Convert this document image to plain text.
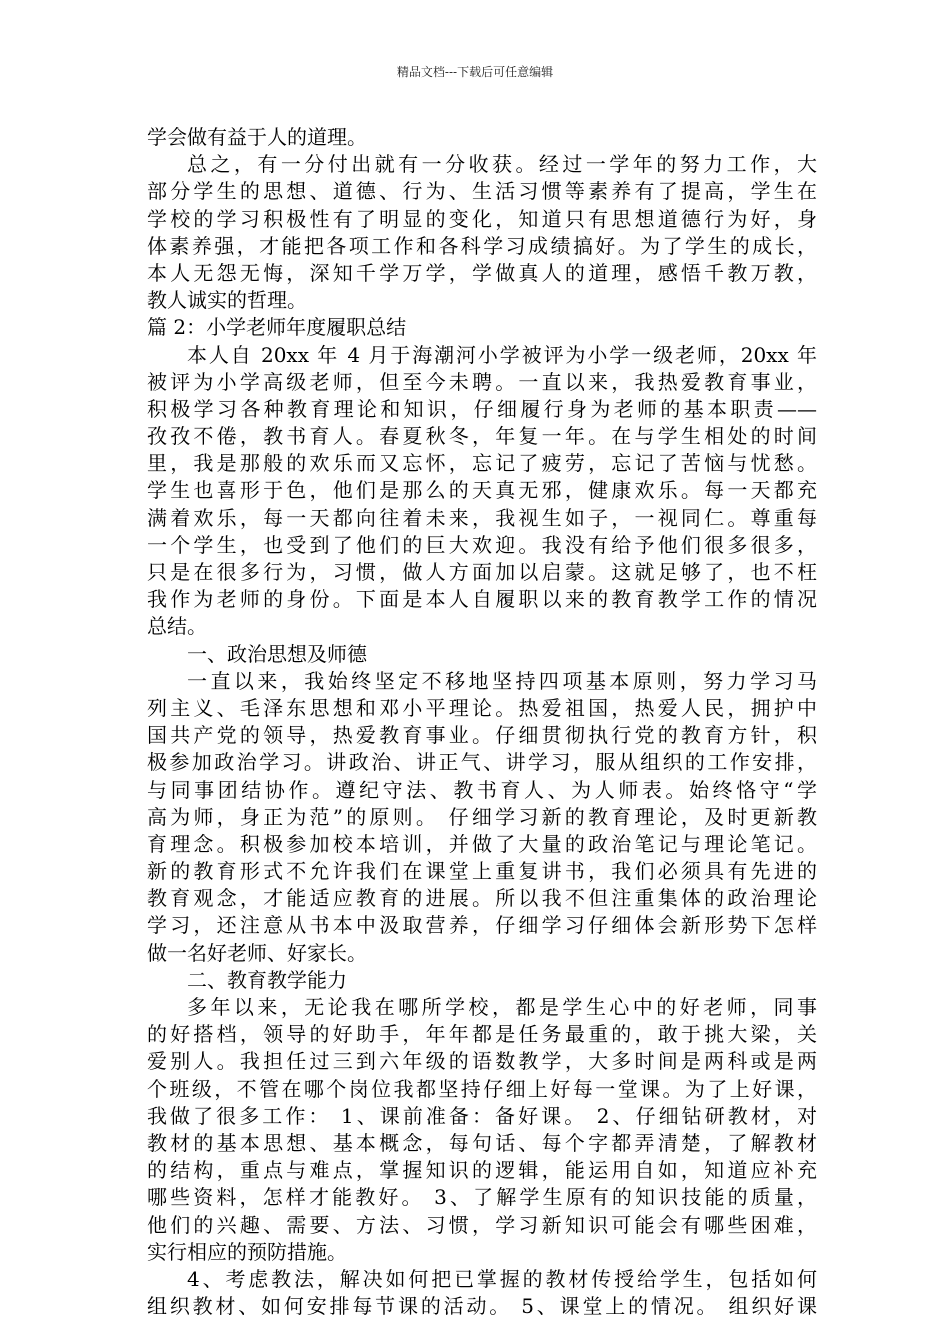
精品文档---下载后可任意编辑
学会做有益于人的道理。
总之，有一分付出就有一分收获。经过一学年的努力工作，大
部分学生的思想、道德、行为、生活习惯等素养有了提高，学生在
学校的学习积极性有了明显的变化，知道只有思想道德行为好，身
体素养强，才能把各项工作和各科学习成绩搞好。为了学生的成长，
本人无怨无悔，深知千学万学，学做真人的道理，感悟千教万教，
教人诚实的哲理。
篇 2：小学老师年度履职总结
本人自 20xx 年 4 月于海潮河小学被评为小学一级老师，20xx 年
被评为小学高级老师，但至今未聘。一直以来，我热爱教育事业，
积极学习各种教育理论和知识，仔细履行身为老师的基本职责——
孜孜不倦，教书育人。春夏秋冬，年复一年。在与学生相处的时间
里，我是那般的欢乐而又忘怀，忘记了疲劳，忘记了苦恼与忧愁。
学生也喜形于色，他们是那么的天真无邪，健康欢乐。每一天都充
满着欢乐，每一天都向往着未来，我视生如子，一视同仁。尊重每
一个学生，也受到了他们的巨大欢迎。我没有给予他们很多很多，
只是在很多行为，习惯，做人方面加以启蒙。这就足够了，也不枉
我作为老师的身份。下面是本人自履职以来的教育教学工作的情况
总结。
一、政治思想及师德
一直以来，我始终坚定不移地坚持四项基本原则，努力学习马
列主义、毛泽东思想和邓小平理论。热爱祖国，热爱人民，拥护中
国共产党的领导，热爱教育事业。仔细贯彻执行党的教育方针，积
极参加政治学习。讲政治、讲正气、讲学习，服从组织的工作安排，
与同事团结协作。遵纪守法、教书育人、为人师表。始终恪守“学
高为师，身正为范”的原则。 仔细学习新的教育理论，及时更新教
育理念。积极参加校本培训，并做了大量的政治笔记与理论笔记。
新的教育形式不允许我们在课堂上重复讲书，我们必须具有先进的
教育观念，才能适应教育的进展。所以我不但注重集体的政治理论
学习，还注意从书本中汲取营养，仔细学习仔细体会新形势下怎样
做一名好老师、好家长。
二、教育教学能力
多年以来，无论我在哪所学校，都是学生心中的好老师，同事
的好搭档，领导的好助手，年年都是任务最重的，敢于挑大梁，关
爱别人。我担任过三到六年级的语数教学，大多时间是两科或是两
个班级，不管在哪个岗位我都坚持仔细上好每一堂课。为了上好课，
我做了很多工作： 1、课前准备：备好课。 2、仔细钻研教材，对
教材的基本思想、基本概念，每句话、每个字都弄清楚，了解教材
的结构，重点与难点，掌握知识的逻辑，能运用自如，知道应补充
哪些资料，怎样才能教好。 3、了解学生原有的知识技能的质量，
他们的兴趣、需要、方法、习惯，学习新知识可能会有哪些困难，
实行相应的预防措施。
4、考虑教法，解决如何把已掌握的教材传授给学生，包括如何
组织教材、如何安排每节课的活动。 5、课堂上的情况。 组织好课
